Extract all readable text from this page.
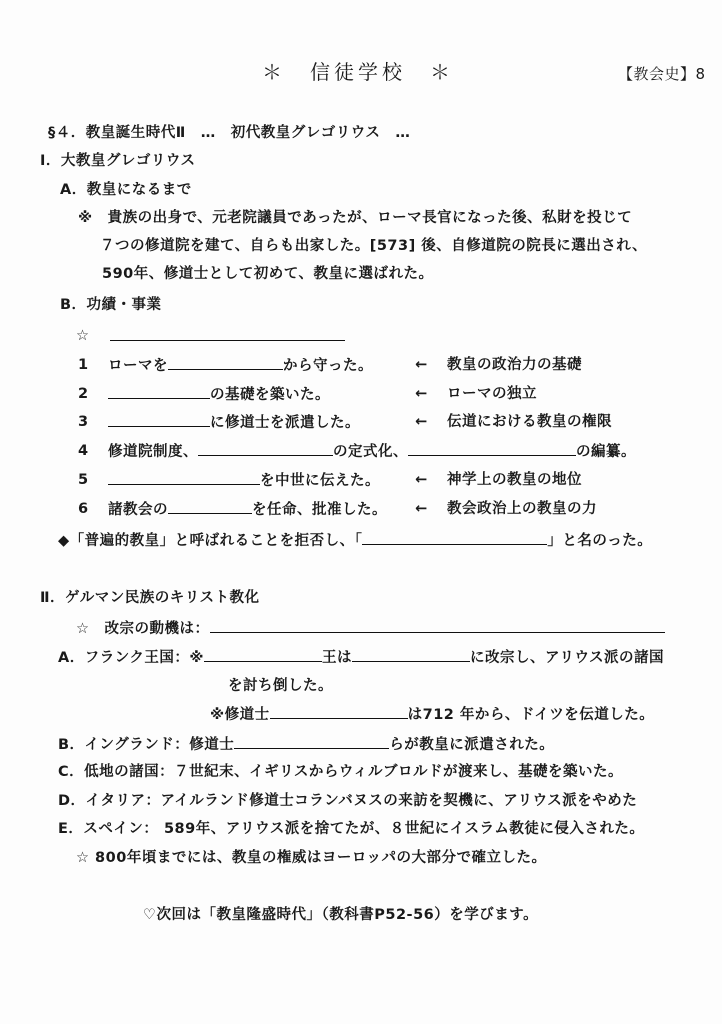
＊　信徒学校　＊	【教会史】8
§４．教皇誕生時代Ⅱ　…　初代教皇グレゴリウス　…
Ⅰ．大教皇グレゴリウス
A．教皇になるまで
※　貴族の出身で、元老院議員であったが、ローマ長官になった後、私財を投じて
７つの修道院を建て、自らも出家した。[573] 後、自修道院の院長に選出され、
590年、修道士として初めて、教皇に選ばれた。
B．功績・事業
☆
1 ローマを	から守った。	← 教皇の政治力の基礎
2	の基礎を築いた。	← ローマの独立
3	に修道士を派遣した。	← 伝道における教皇の権限
4 修道院制度、	の定式化、	の編纂。
5	を中世に伝えた。 ← 神学上の教皇の地位
6 諸教会の	を任命、批准した。 ← 教会政治上の教皇の力
◆「普遍的教皇」と呼ばれることを拒否し、「	」と名のった。
Ⅱ．ゲルマン民族のキリスト教化
☆　改宗の動機は：
A．フランク王国：※	王は	に改宗し、アリウス派の諸国
を討ち倒した。
※修道士	は712 年から、ドイツを伝道した。
B．イングランド：修道士	らが教皇に派遣された。
C．低地の諸国：７世紀末、イギリスからウィルブロルドが渡来し、基礎を築いた。
D．イタリア：アイルランド修道士コランバヌスの来訪を契機に、アリウス派をやめた
E．スペイン： 589年、アリウス派を捨てたが、８世紀にイスラム教徒に侵入された。
☆ 800年頃までには、教皇の権威はヨーロッパの大部分で確立した。
♡次回は「教皇隆盛時代」（教科書P52-56）を学びます。
